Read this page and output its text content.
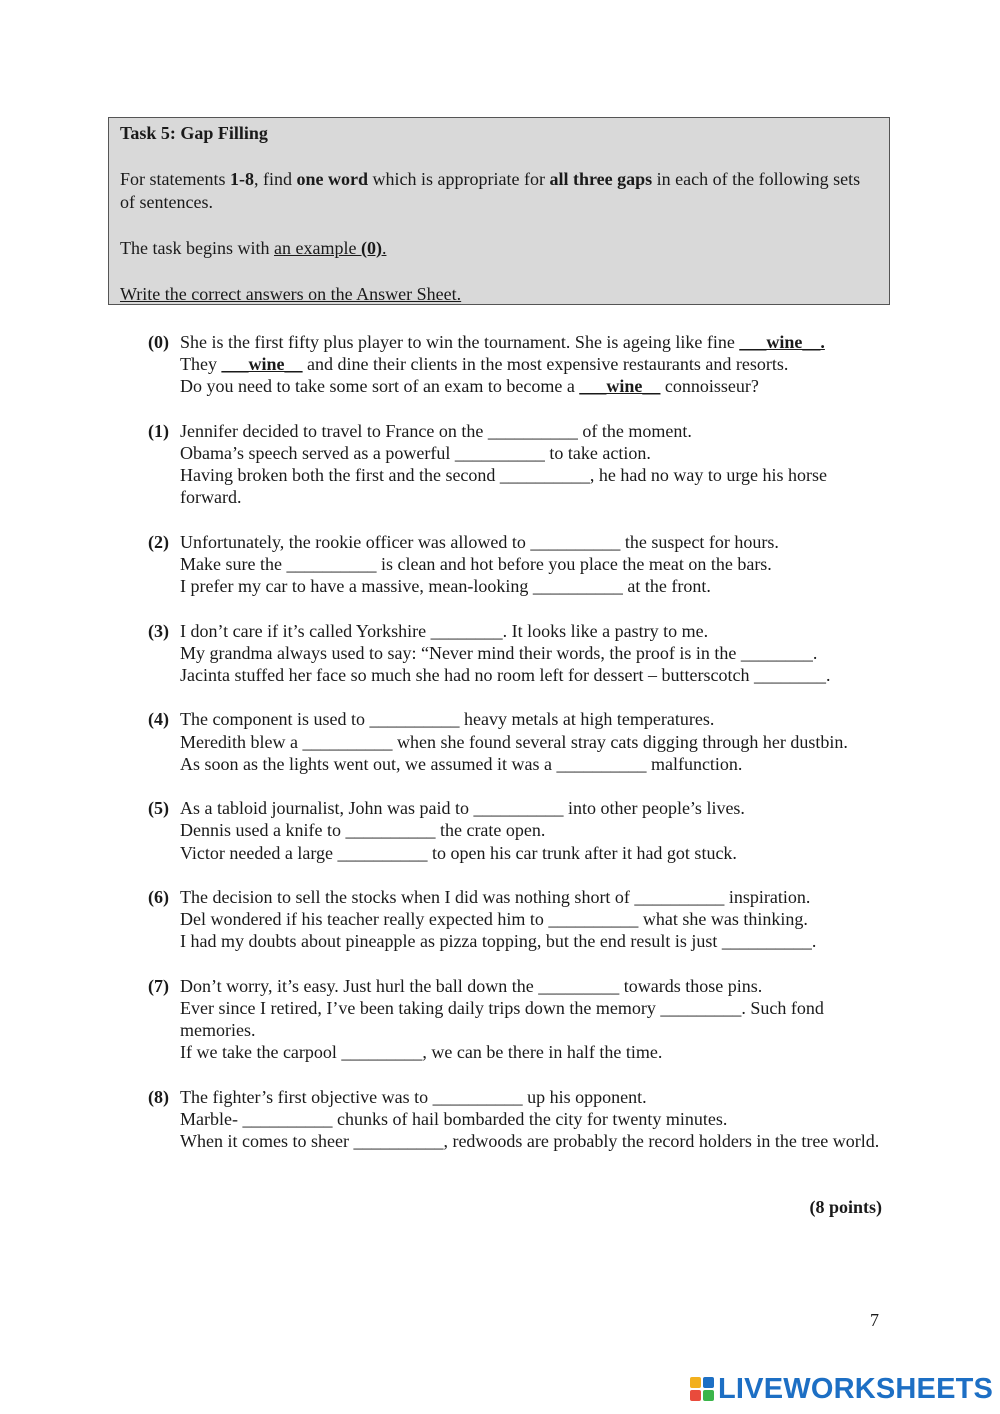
Task 5: Gap Filling

For statements 1-8, find one word which is appropriate for all three gaps in each of the following sets of sentences.

The task begins with an example (0).

Write the correct answers on the Answer Sheet.

(0) She is the first fifty plus player to win the tournament. She is ageing like fine ___wine__.
They ___wine__ and dine their clients in the most expensive restaurants and resorts.
Do you need to take some sort of an exam to become a ___wine__ connoisseur?
(1) Jennifer decided to travel to France on the __________ of the moment.
Obama’s speech served as a powerful __________ to take action.
Having broken both the first and the second __________, he had no way to urge his horse forward.
(2) Unfortunately, the rookie officer was allowed to __________ the suspect for hours.
Make sure the __________ is clean and hot before you place the meat on the bars.
I prefer my car to have a massive, mean-looking __________ at the front.
(3) I don’t care if it’s called Yorkshire ________. It looks like a pastry to me.
My grandma always used to say: “Never mind their words, the proof is in the ________.
Jacinta stuffed her face so much she had no room left for dessert – butterscotch ________.
(4) The component is used to __________ heavy metals at high temperatures.
Meredith blew a __________ when she found several stray cats digging through her dustbin.
As soon as the lights went out, we assumed it was a __________ malfunction.
(5) As a tabloid journalist, John was paid to __________ into other people’s lives.
Dennis used a knife to __________ the crate open.
Victor needed a large __________ to open his car trunk after it had got stuck.
(6) The decision to sell the stocks when I did was nothing short of __________ inspiration.
Del wondered if his teacher really expected him to __________ what she was thinking.
I had my doubts about pineapple as pizza topping, but the end result is just __________.
(7) Don’t worry, it’s easy. Just hurl the ball down the _________ towards those pins.
Ever since I retired, I’ve been taking daily trips down the memory _________. Such fond memories.
If we take the carpool _________, we can be there in half the time.
(8) The fighter’s first objective was to __________ up his opponent.
Marble- __________ chunks of hail bombarded the city for twenty minutes.
When it comes to sheer __________, redwoods are probably the record holders in the tree world.
(8 points)
7
LIVEWORKSHEETS
